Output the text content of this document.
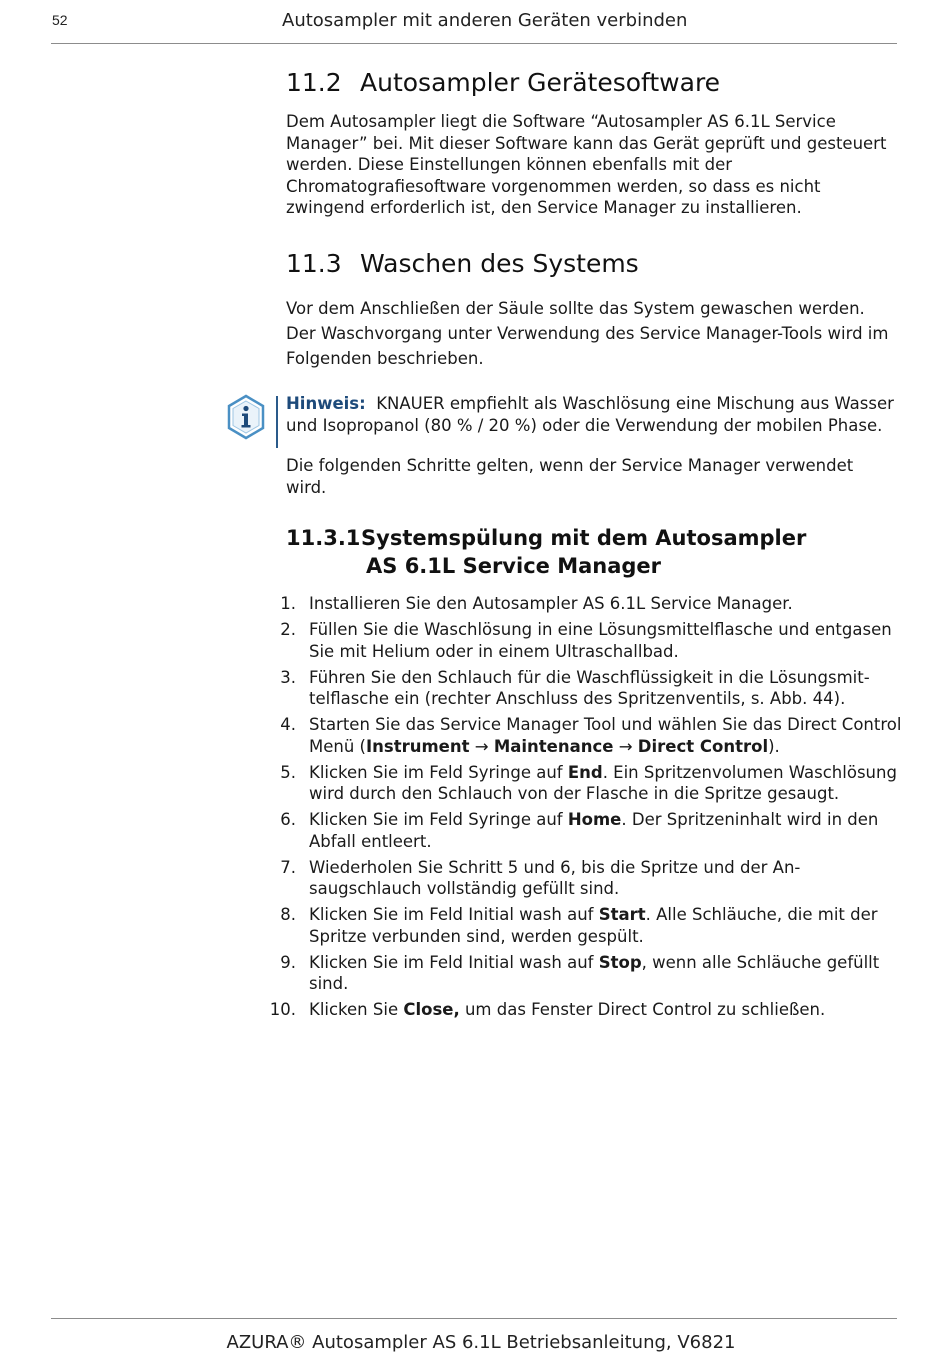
52	Autosampler mit anderen Geräten verbinden
11.2 Autosampler Gerätesoftware

Dem Autosampler liegt die Software “Autosampler AS 6.1L Service Manager” bei. Mit dieser Software kann das Gerät geprüft und gesteuert werden. Diese Einstellungen können ebenfalls mit der Chromatografiesoftware vorgenommen werden, so dass es nicht zwingend erforderlich ist, den Service Manager zu installieren.

11.3 Waschen des Systems

Vor dem Anschließen der Säule sollte das System gewaschen werden. Der Waschvorgang unter Verwendung des Service Manager-Tools wird im Folgenden beschrieben.

Hinweis: KNAUER empfiehlt als Waschlösung eine Mischung aus Wasser und Isopropanol (80 % / 20 %) oder die Verwendung der mobilen Phase.

Die folgenden Schritte gelten, wenn der Service Manager verwendet wird.

11.3.1Systemspülung mit dem Autosampler
AS 6.1L Service Manager
1. Installieren Sie den Autosampler AS 6.1L Service Manager.
2. Füllen Sie die Waschlösung in eine Lösungsmittelflasche und entgasen Sie mit Helium oder in einem Ultraschallbad.
3. Führen Sie den Schlauch für die Waschflüssigkeit in die Lösungsmittelflasche ein (rechter Anschluss des Spritzenventils, s. Abb. 44).
4. Starten Sie das Service Manager Tool und wählen Sie das Direct Control Menü (Instrument → Maintenance → Direct Control).
5. Klicken Sie im Feld Syringe auf End. Ein Spritzenvolumen Waschlösung wird durch den Schlauch von der Flasche in die Spritze gesaugt.
6. Klicken Sie im Feld Syringe auf Home. Der Spritzeninhalt wird in den Abfall entleert.
7. Wiederholen Sie Schritt 5 und 6, bis die Spritze und der Ansaugschlauch vollständig gefüllt sind.
8. Klicken Sie im Feld Initial wash auf Start. Alle Schläuche, die mit der Spritze verbunden sind, werden gespült.
9. Klicken Sie im Feld Initial wash auf Stop, wenn alle Schläuche gefüllt sind.
10. Klicken Sie Close, um das Fenster Direct Control zu schließen.
AZURA® Autosampler AS 6.1L Betriebsanleitung, V6821
